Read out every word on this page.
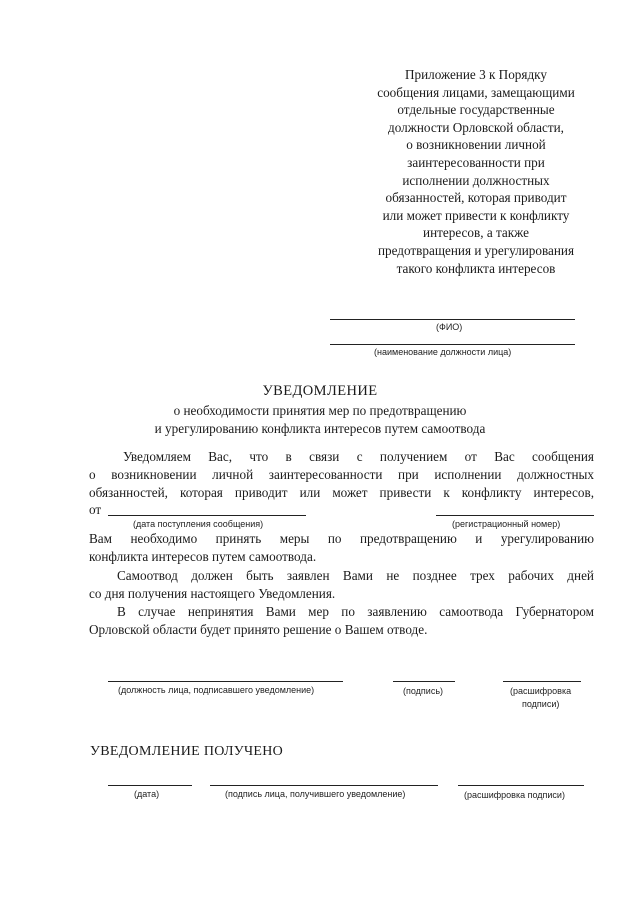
Приложение 3 к Порядку
сообщения лицами, замещающими
отдельные государственные
должности Орловской области,
о возникновении личной
заинтересованности при
исполнении должностных
обязанностей, которая приводит
или может привести к конфликту
интересов, а также
предотвращения и урегулирования
такого конфликта интересов
(ФИО)
(наименование должности лица)
УВЕДОМЛЕНИЕ
о необходимости принятия мер по предотвращению
и урегулированию конфликта интересов путем самоотвода
Уведомляем Вас, что в связи с получением от Вас сообщения
о возникновении личной заинтересованности при исполнении должностных
обязанностей, которая приводит или может привести к конфликту интересов,
от
(дата поступления сообщения)	(регистрационный номер)
Вам необходимо принять меры по предотвращению и урегулированию
конфликта интересов путем самоотвода.
Самоотвод должен быть заявлен Вами не позднее трех рабочих дней
со дня получения настоящего Уведомления.
В случае непринятия Вами мер по заявлению самоотвода Губернатором
Орловской области будет принято решение о Вашем отводе.
(должность лица, подписавшего уведомление)	(подпись)	(расшифровка
подписи)
УВЕДОМЛЕНИЕ ПОЛУЧЕНО
(дата)	(подпись лица, получившего уведомление)	(расшифровка подписи)
